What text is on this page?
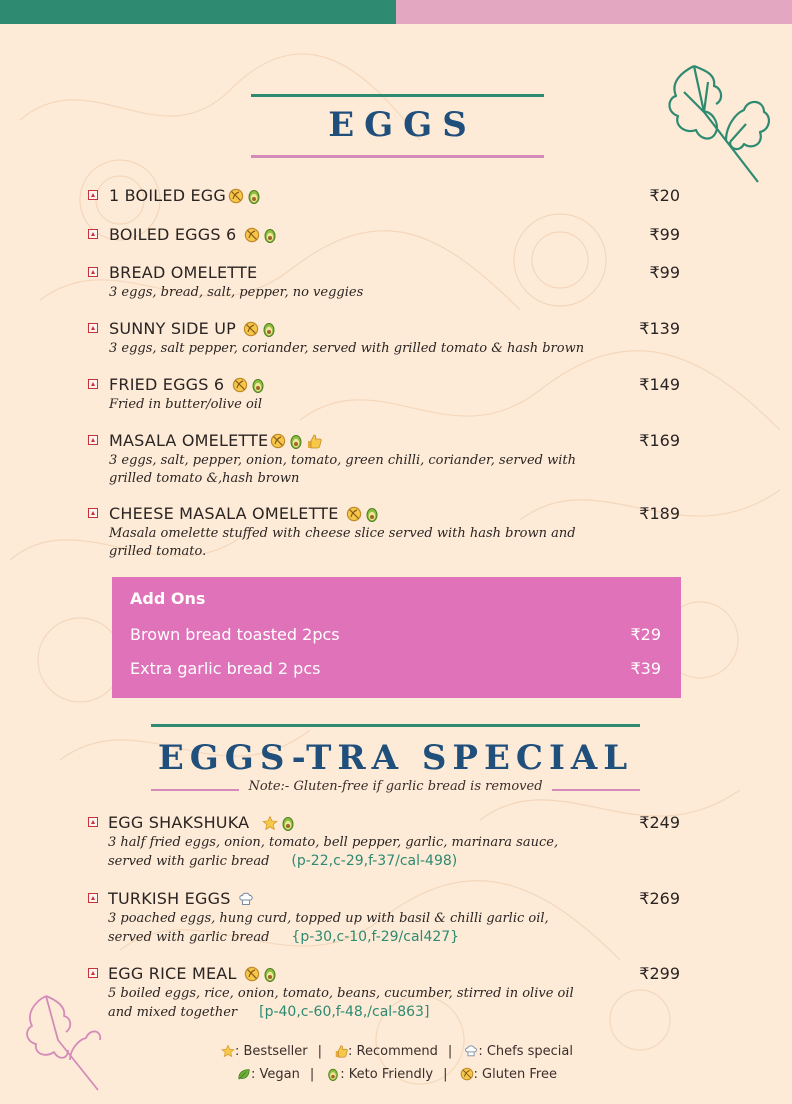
EGGS
1 BOILED EGG	₹20
BOILED EGGS 6	₹99
BREAD OMELETTE	₹99
3 eggs, bread, salt, pepper, no veggies
SUNNY SIDE UP	₹139
3 eggs, salt pepper, coriander, served with grilled tomato & hash brown
FRIED EGGS 6	₹149
Fried in butter/olive oil
MASALA OMELETTE	₹169
3 eggs, salt, pepper, onion, tomato, green chilli, coriander, served with grilled tomato &,hash brown
CHEESE MASALA OMELETTE	₹189
Masala omelette stuffed with cheese slice served with hash brown and grilled tomato.
Add Ons
Brown bread toasted 2pcs	₹29
Extra garlic bread 2 pcs	₹39
EGGS-TRA SPECIAL
Note:- Gluten-free if garlic bread is removed
EGG SHAKSHUKA	₹249
3 half fried eggs, onion, tomato, bell pepper, garlic, marinara sauce,
served with garlic bread (p-22,c-29,f-37/cal-498)
TURKISH EGGS	₹269
3 poached eggs, hung curd, topped up with basil & chilli garlic oil,
served with garlic bread {p-30,c-10,f-29/cal427}
EGG RICE MEAL	₹299
5 boiled eggs, rice, onion, tomato, beans, cucumber, stirred in olive oil
and mixed together [p-40,c-60,f-48,/cal-863]
: Bestseller | : Recommend | : Chefs special
: Vegan | : Keto Friendly | : Gluten Free
